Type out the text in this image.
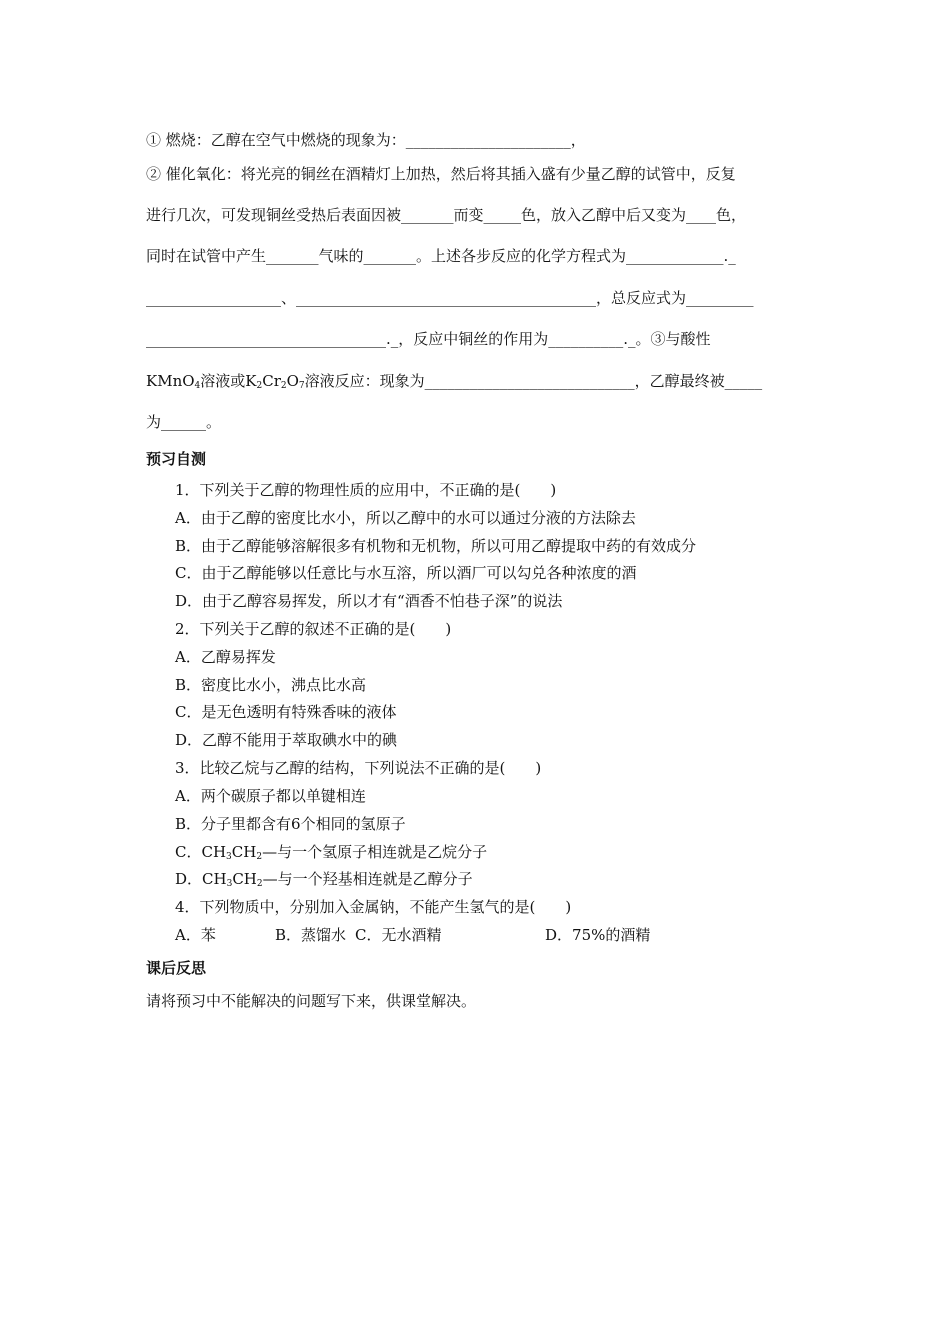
① 燃烧：乙醇在空气中燃烧的现象为：______________________，
② 催化氧化：将光亮的铜丝在酒精灯上加热，然后将其插入盛有少量乙醇的试管中，反复
进行几次，可发现铜丝受热后表面因被_______而变_____色，放入乙醇中后又变为____色，
同时在试管中产生_______气味的_______。上述各步反应的化学方程式为_____________._
__________________、________________________________________，总反应式为_________
________________________________._，反应中铜丝的作用为__________._。③与酸性
KMnO$_4$溶液或$K_2Cr_2O_7$溶液反应：现象为____________________________，乙醇最终被_____
为______。
预习自测
1．下列关于乙醇的物理性质的应用中，不正确的是(　　)
A．由于乙醇的密度比水小，所以乙醇中的水可以通过分液的方法除去
B．由于乙醇能够溶解很多有机物和无机物，所以可用乙醇提取中药的有效成分
C．由于乙醇能够以任意比与水互溶，所以酒厂可以勾兑各种浓度的酒
D．由于乙醇容易挥发，所以才有“酒香不怕巷子深”的说法
2．下列关于乙醇的叙述不正确的是(　　)
A．乙醇易挥发
B．密度比水小，沸点比水高
C．是无色透明有特殊香味的液体
D．乙醇不能用于萃取碘水中的碘
3．比较乙烷与乙醇的结构，下列说法不正确的是(　　)
A．两个碳原子都以单键相连
B．分子里都含有6个相同的氢原子
C．$CH_3CH_2—$与一个氢原子相连就是乙烷分子
D．$CH_3CH_2—$与一个羟基相连就是乙醇分子
4．下列物质中，分别加入金属钠，不能产生氢气的是(　　)
A．苯	B．蒸馏水 C．无水酒精	D．75%的酒精
课后反思
请将预习中不能解决的问题写下来，供课堂解决。
